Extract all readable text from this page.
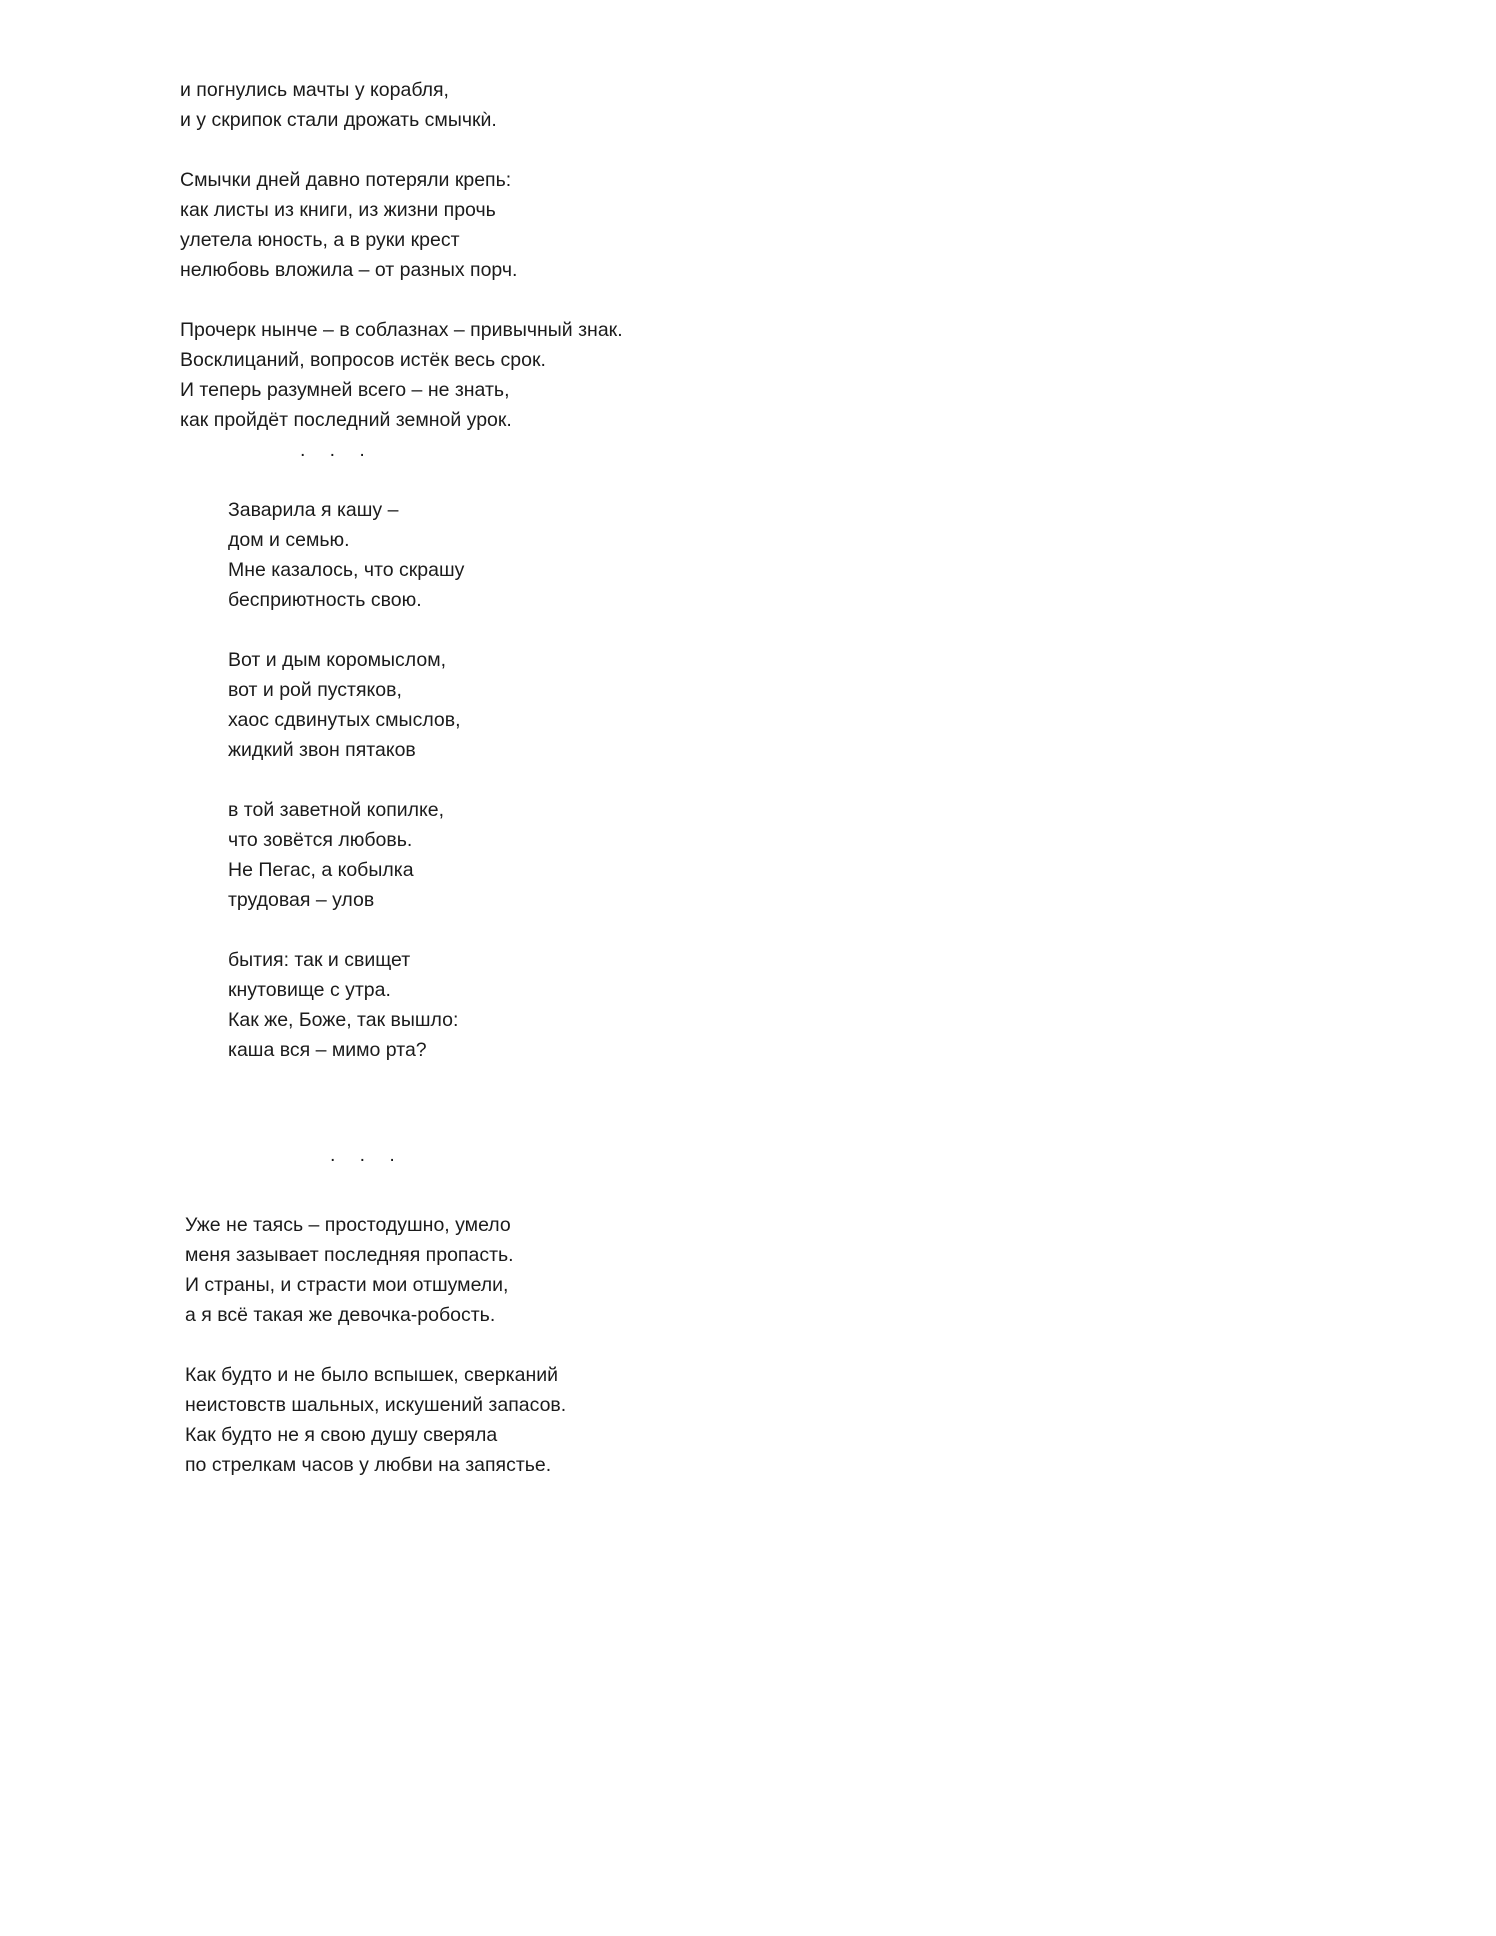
и погнулись мачты у корабля,
и у скрипок стали дрожать смычкѝ.
Смычки дней давно потеряли крепь:
как листы из книги, из жизни прочь
улетела юность, а в руки крест
нелюбовь вложила – от разных порч.
Прочерк нынче – в соблазнах – привычный знак.
Восклицаний, вопросов истёк весь срок.
И теперь разумней всего – не знать,
как пройдёт последний земной урок.
.   .   .
Заварила я кашу –
дом и семью.
Мне казалось, что скрашу
бесприютность свою.
Вот и дым коромыслом,
вот и рой пустяков,
хаос сдвинутых смыслов,
жидкий звон пятаков
в той заветной копилке,
что зовётся любовь.
Не Пегас, а кобылка
трудовая – улов
бытия: так и свищет
кнутовище с утра.
Как же, Боже, так вышло:
каша вся – мимо рта?
.   .   .
Уже не таясь – простодушно, умело
меня зазывает последняя пропасть.
И страны, и страсти мои отшумели,
а я всё такая же девочка-робость.
Как будто и не было вспышек, сверканий
неистовств шальных, искушений запасов.
Как будто не я свою душу сверяла
по стрелкам часов у любви на запястье.
